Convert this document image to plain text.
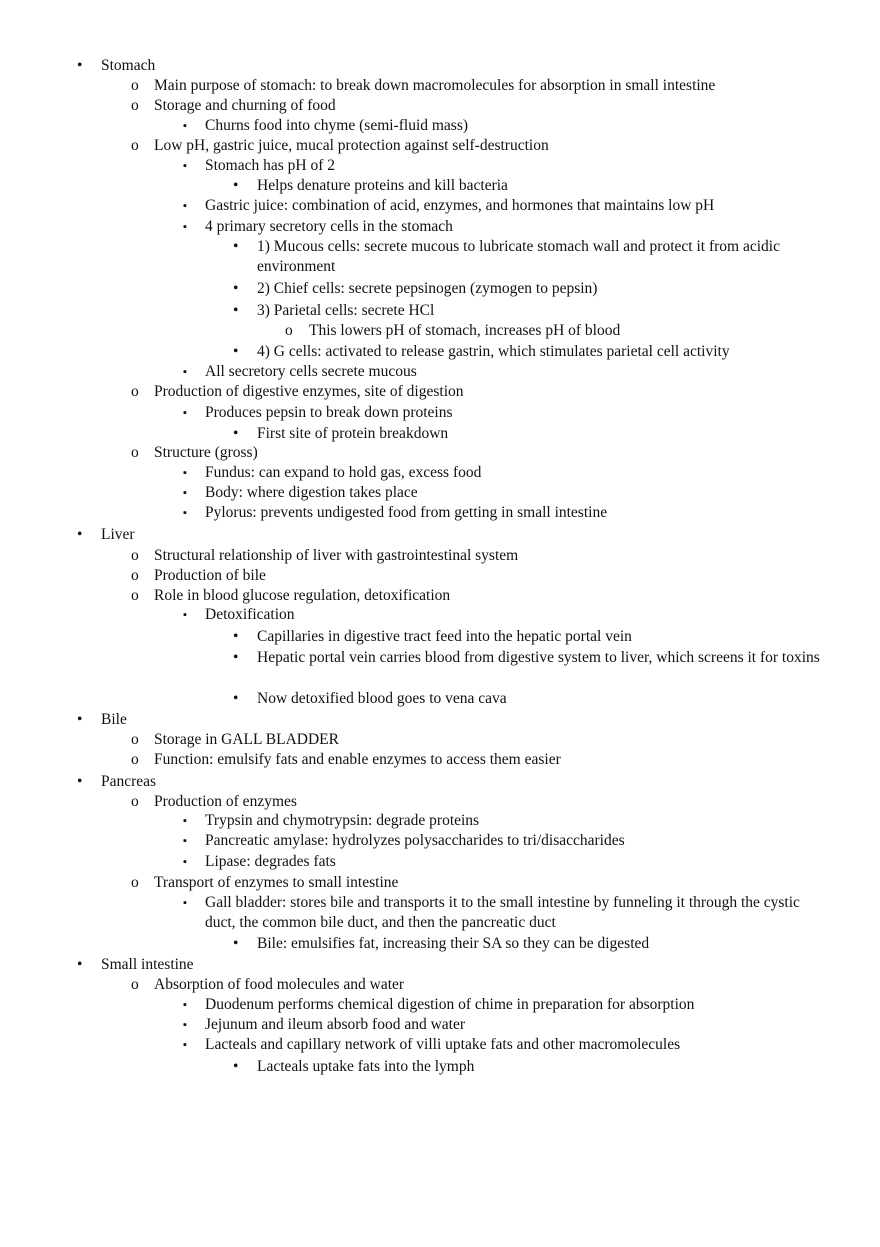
• Stomach
o Main purpose of stomach: to break down macromolecules for absorption in small intestine
o Storage and churning of food
▪ Churns food into chyme (semi-fluid mass)
o Low pH, gastric juice, mucal protection against self-destruction
▪ Stomach has pH of 2
• Helps denature proteins and kill bacteria
▪ Gastric juice: combination of acid, enzymes, and hormones that maintains low pH
▪ 4 primary secretory cells in the stomach
• 1) Mucous cells: secrete mucous to lubricate stomach wall and protect it from acidic environment
• 2) Chief cells: secrete pepsinogen (zymogen to pepsin)
• 3) Parietal cells: secrete HCl
o This lowers pH of stomach, increases pH of blood
• 4) G cells: activated to release gastrin, which stimulates parietal cell activity
▪ All secretory cells secrete mucous
o Production of digestive enzymes, site of digestion
▪ Produces pepsin to break down proteins
• First site of protein breakdown
o Structure (gross)
▪ Fundus: can expand to hold gas, excess food
▪ Body: where digestion takes place
▪ Pylorus: prevents undigested food from getting in small intestine
• Liver
o Structural relationship of liver with gastrointestinal system
o Production of bile
o Role in blood glucose regulation, detoxification
▪ Detoxification
• Capillaries in digestive tract feed into the hepatic portal vein
• Hepatic portal vein carries blood from digestive system to liver, which screens it for toxins
• Now detoxified blood goes to vena cava
• Bile
o Storage in GALL BLADDER
o Function: emulsify fats and enable enzymes to access them easier
• Pancreas
o Production of enzymes
▪ Trypsin and chymotrypsin: degrade proteins
▪ Pancreatic amylase: hydrolyzes polysaccharides to tri/disaccharides
▪ Lipase: degrades fats
o Transport of enzymes to small intestine
▪ Gall bladder: stores bile and transports it to the small intestine by funneling it through the cystic duct, the common bile duct, and then the pancreatic duct
• Bile: emulsifies fat, increasing their SA so they can be digested
• Small intestine
o Absorption of food molecules and water
▪ Duodenum performs chemical digestion of chime in preparation for absorption
▪ Jejunum and ileum absorb food and water
▪ Lacteals and capillary network of villi uptake fats and other macromolecules
• Lacteals uptake fats into the lymph
